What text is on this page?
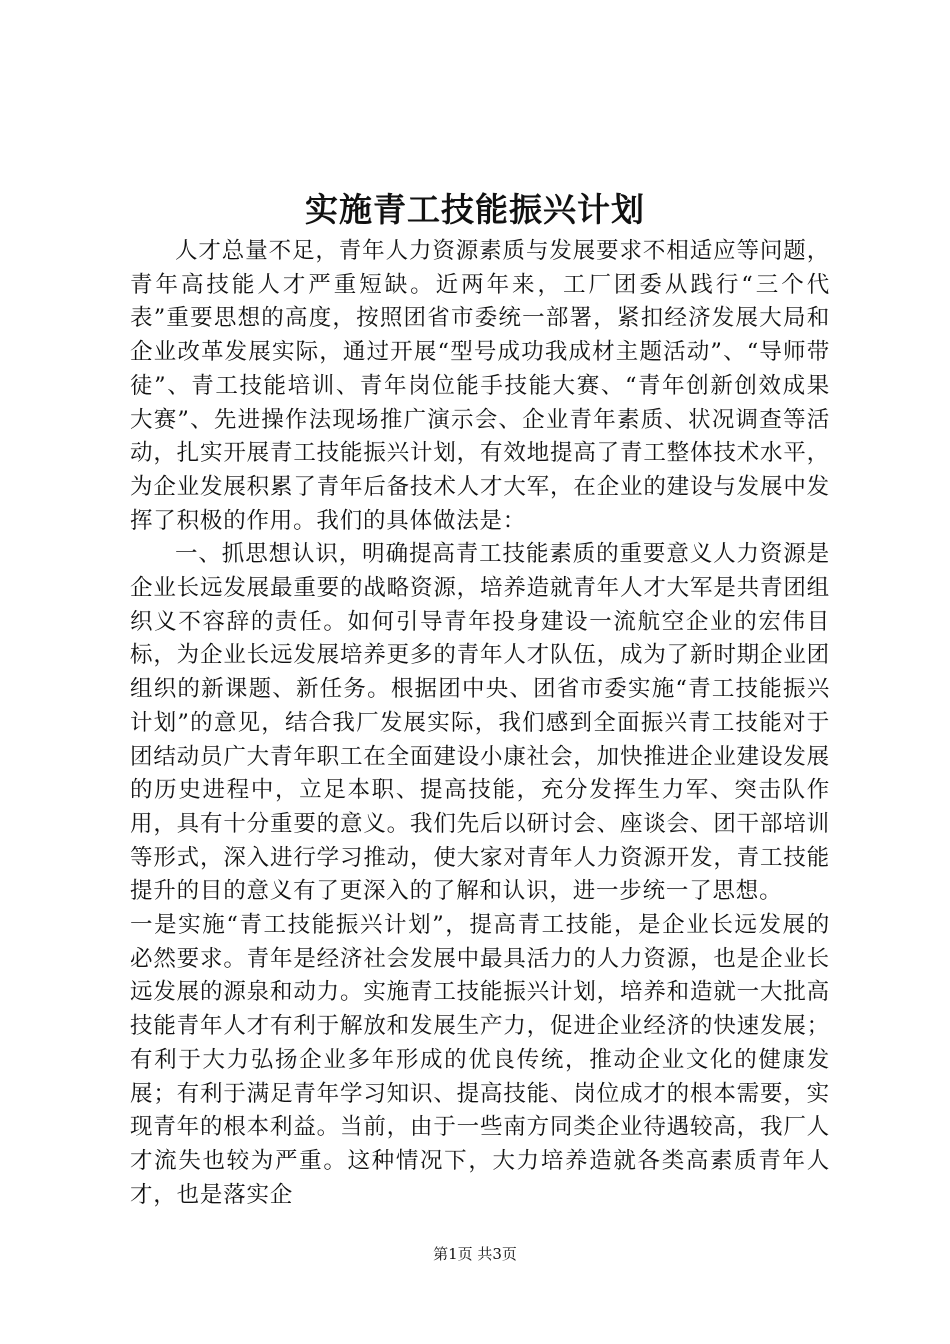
实施青工技能振兴计划

人才总量不足，青年人力资源素质与发展要求不相适应等问题，青年高技能人才严重短缺。近两年来，工厂团委从践行“三个代表”重要思想的高度，按照团省市委统一部署，紧扣经济发展大局和企业改革发展实际，通过开展“型号成功我成材主题活动”、“导师带徒”、青工技能培训、青年岗位能手技能大赛、“青年创新创效成果大赛”、先进操作法现场推广演示会、企业青年素质、状况调查等活动，扎实开展青工技能振兴计划，有效地提高了青工整体技术水平，为企业发展积累了青年后备技术人才大军，在企业的建设与发展中发挥了积极的作用。我们的具体做法是：

一、抓思想认识，明确提高青工技能素质的重要意义人力资源是企业长远发展最重要的战略资源，培养造就青年人才大军是共青团组织义不容辞的责任。如何引导青年投身建设一流航空企业的宏伟目标，为企业长远发展培养更多的青年人才队伍，成为了新时期企业团组织的新课题、新任务。根据团中央、团省市委实施“青工技能振兴计划”的意见，结合我厂发展实际，我们感到全面振兴青工技能对于团结动员广大青年职工在全面建设小康社会，加快推进企业建设发展的历史进程中，立足本职、提高技能，充分发挥生力军、突击队作用，具有十分重要的意义。我们先后以研讨会、座谈会、团干部培训等形式，深入进行学习推动，使大家对青年人力资源开发，青工技能提升的目的意义有了更深入的了解和认识，进一步统一了思想。

一是实施“青工技能振兴计划”，提高青工技能，是企业长远发展的必然要求。青年是经济社会发展中最具活力的人力资源，也是企业长远发展的源泉和动力。实施青工技能振兴计划，培养和造就一大批高技能青年人才有利于解放和发展生产力，促进企业经济的快速发展；有利于大力弘扬企业多年形成的优良传统，推动企业文化的健康发展；有利于满足青年学习知识、提高技能、岗位成才的根本需要，实现青年的根本利益。当前，由于一些南方同类企业待遇较高，我厂人才流失也较为严重。这种情况下，大力培养造就各类高素质青年人才，也是落实企

第1页 共3页
